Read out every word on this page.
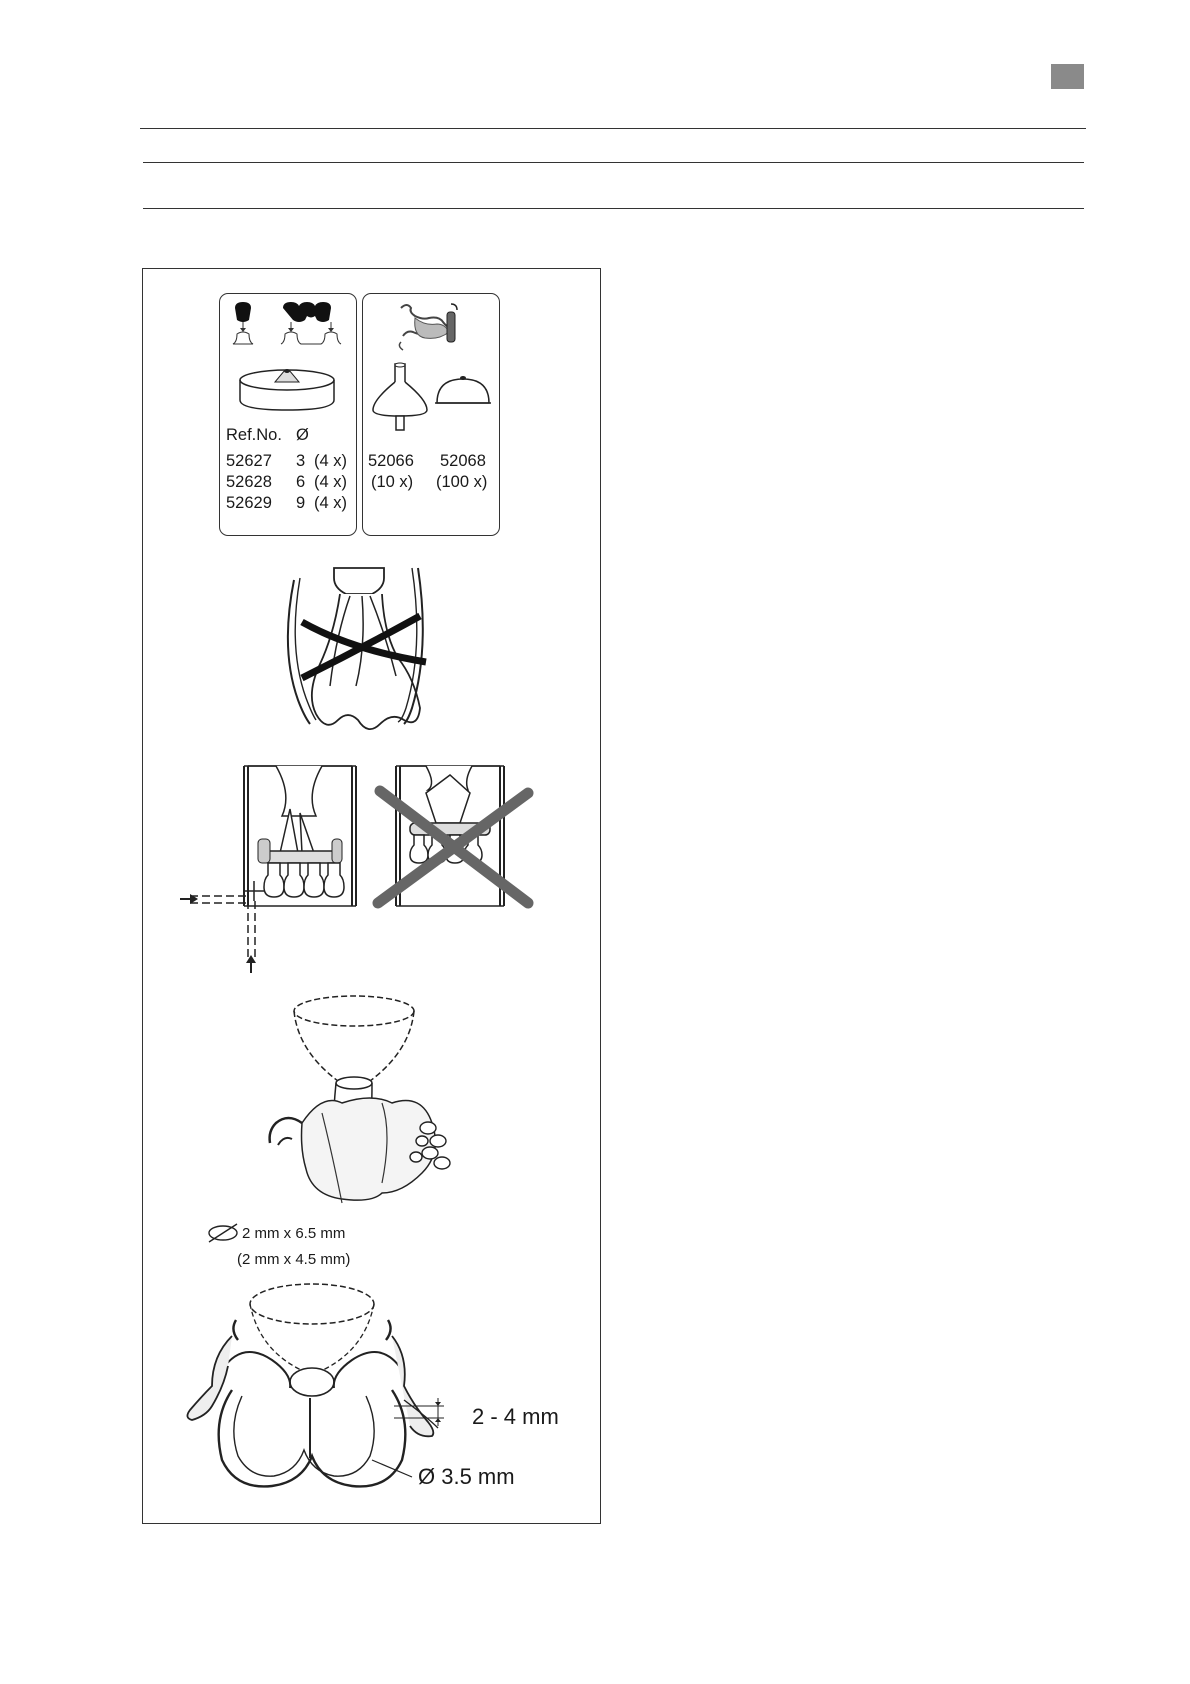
Ref.No. Ø
52627 3 (4 x)
52628 6 (4 x)
52629 9 (4 x)
52066 52068
(10 x) (100 x)
2 mm x 6.5 mm
(2 mm x 4.5 mm)
2 - 4 mm
Ø 3.5 mm
